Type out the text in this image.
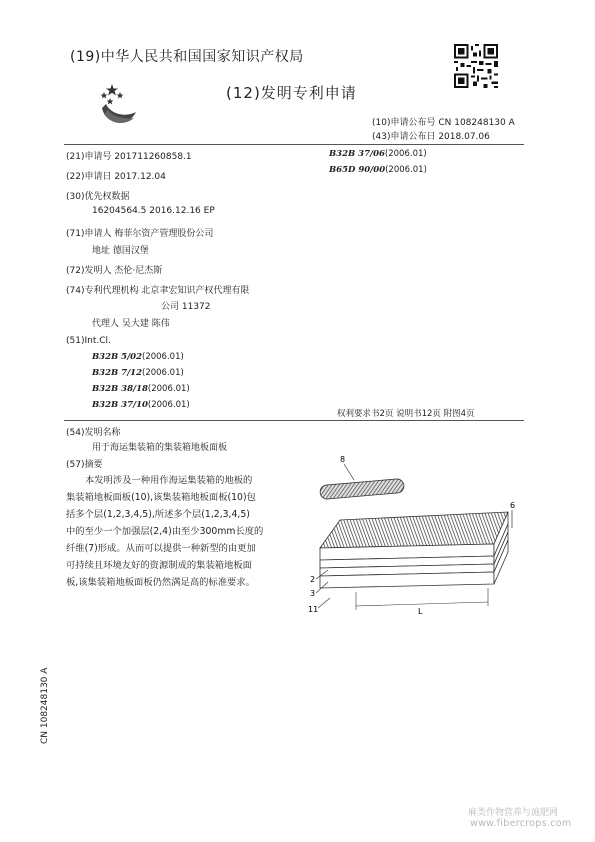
(19)中华人民共和国国家知识产权局
(12)发明专利申请
(10)申请公布号 CN 108248130 A
(43)申请公布日 2018.07.06
(21)申请号 201711260858.1
(22)申请日 2017.12.04
(30)优先权数据
16204564.5 2016.12.16 EP
(71)申请人 梅菲尔资产管理股份公司
地址 德国汉堡
(72)发明人 杰伦·尼杰斯
(74)专利代理机构 北京聿宏知识产权代理有限
公司 11372
代理人 吴大建 陈伟
(51)Int.Cl.
B32B 5/02(2006.01)
B32B 7/12(2006.01)
B32B 38/18(2006.01)
B32B 37/10(2006.01)
B32B 37/06(2006.01)
B65D 90/00(2006.01)
权利要求书2页 说明书12页 附图4页
(54)发明名称
用于海运集装箱的集装箱地板面板
(57)摘要
本发明涉及一种用作海运集装箱的地板的
集装箱地板面板(10),该集装箱地板面板(10)包
括多个层(1,2,3,4,5),所述多个层(1,2,3,4,5)
中的至少一个加强层(2,4)由至少300mm长度的
纤维(7)形成。从而可以提供一种新型的由更加
可持续且环境友好的资源制成的集装箱地板面
板,该集装箱地板面板仍然满足高的标准要求。
8
6
2
3
11	L
CN 108248130 A
麻类作物营养与施肥网
www.fibercrops.com
